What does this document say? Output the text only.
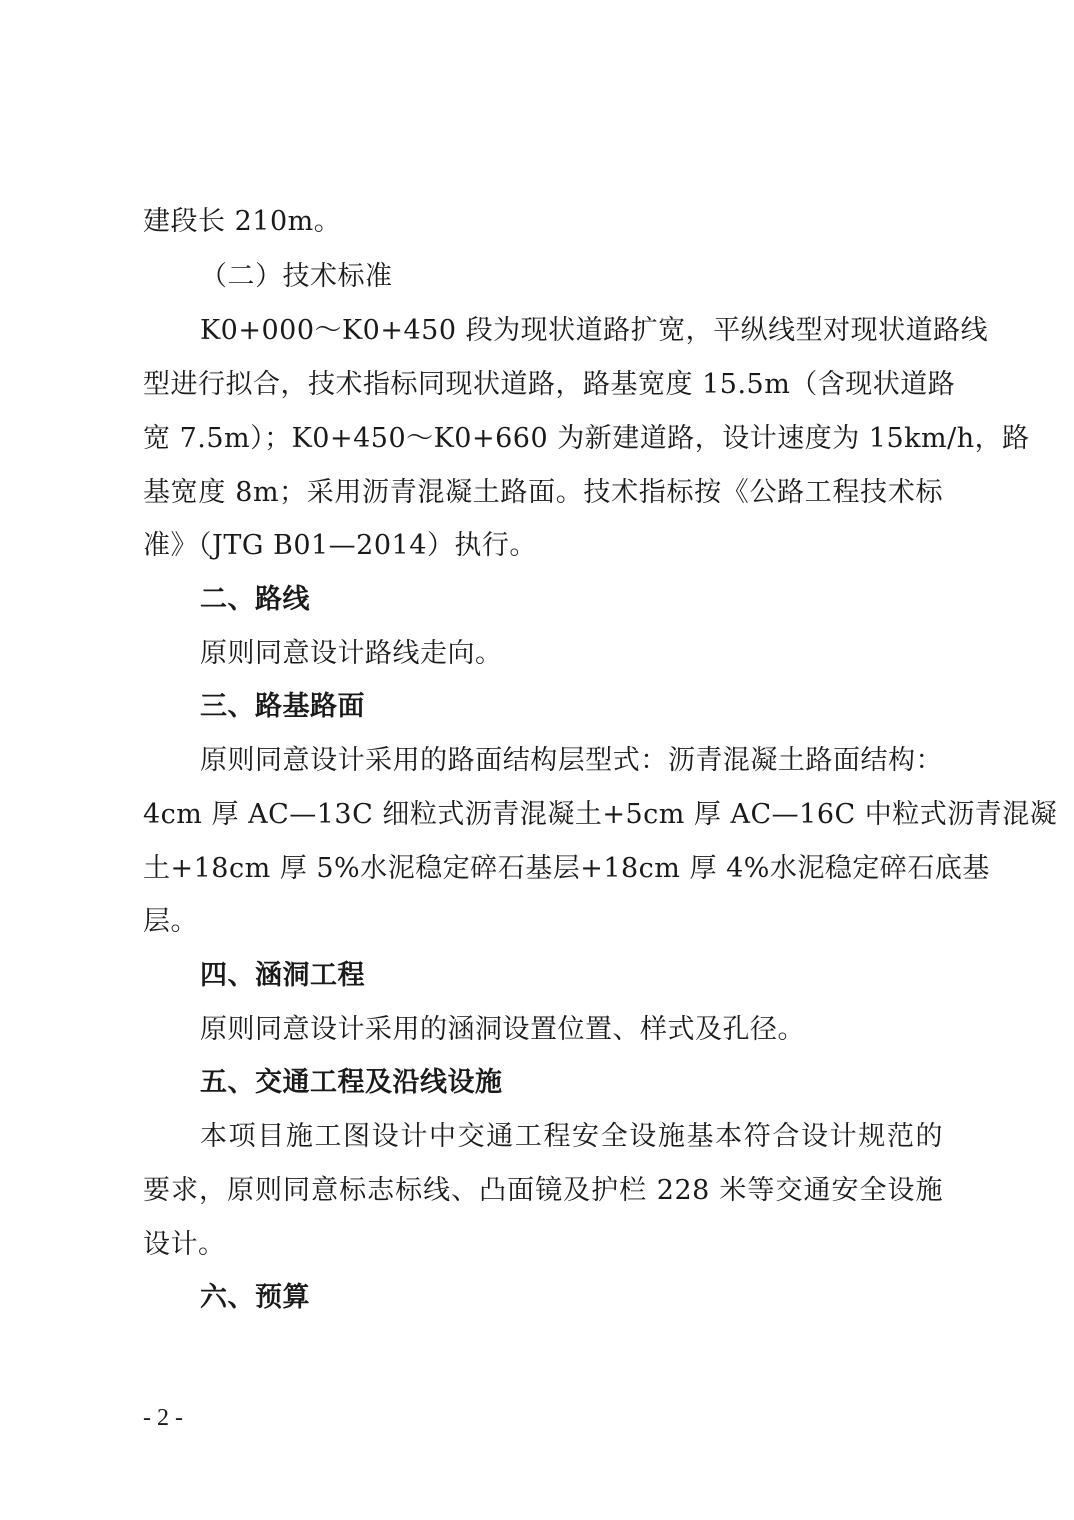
建段长 210m。
（二）技术标准
K0+000～K0+450 段为现状道路扩宽，平纵线型对现状道路线
型进行拟合，技术指标同现状道路，路基宽度 15.5m（含现状道路
宽 7.5m）；K0+450～K0+660 为新建道路，设计速度为 15km/h，路
基宽度 8m；采用沥青混凝土路面。技术指标按《公路工程技术标
准》（JTG B01—2014）执行。
二、路线
原则同意设计路线走向。
三、路基路面
原则同意设计采用的路面结构层型式：沥青混凝土路面结构：
4cm 厚 AC—13C 细粒式沥青混凝土+5cm 厚 AC—16C 中粒式沥青混凝
土+18cm 厚 5%水泥稳定碎石基层+18cm 厚 4%水泥稳定碎石底基
层。
四、涵洞工程
原则同意设计采用的涵洞设置位置、样式及孔径。
五、交通工程及沿线设施
本项目施工图设计中交通工程安全设施基本符合设计规范的
要求，原则同意标志标线、凸面镜及护栏 228 米等交通安全设施
设计。
六、预算
- 2 -
